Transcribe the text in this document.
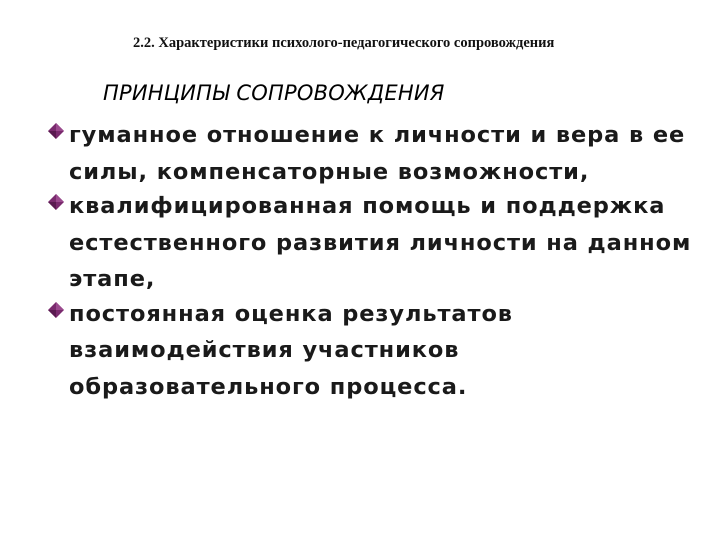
2.2. Характеристики психолого-педагогического сопровождения
ПРИНЦИПЫ СОПРОВОЖДЕНИЯ
гуманное отношение к личности и вера в ее силы, компенсаторные возможности,
квалифицированная помощь и поддержка естественного развития личности на данном этапе,
постоянная оценка результатов взаимодействия участников образовательного процесса.
